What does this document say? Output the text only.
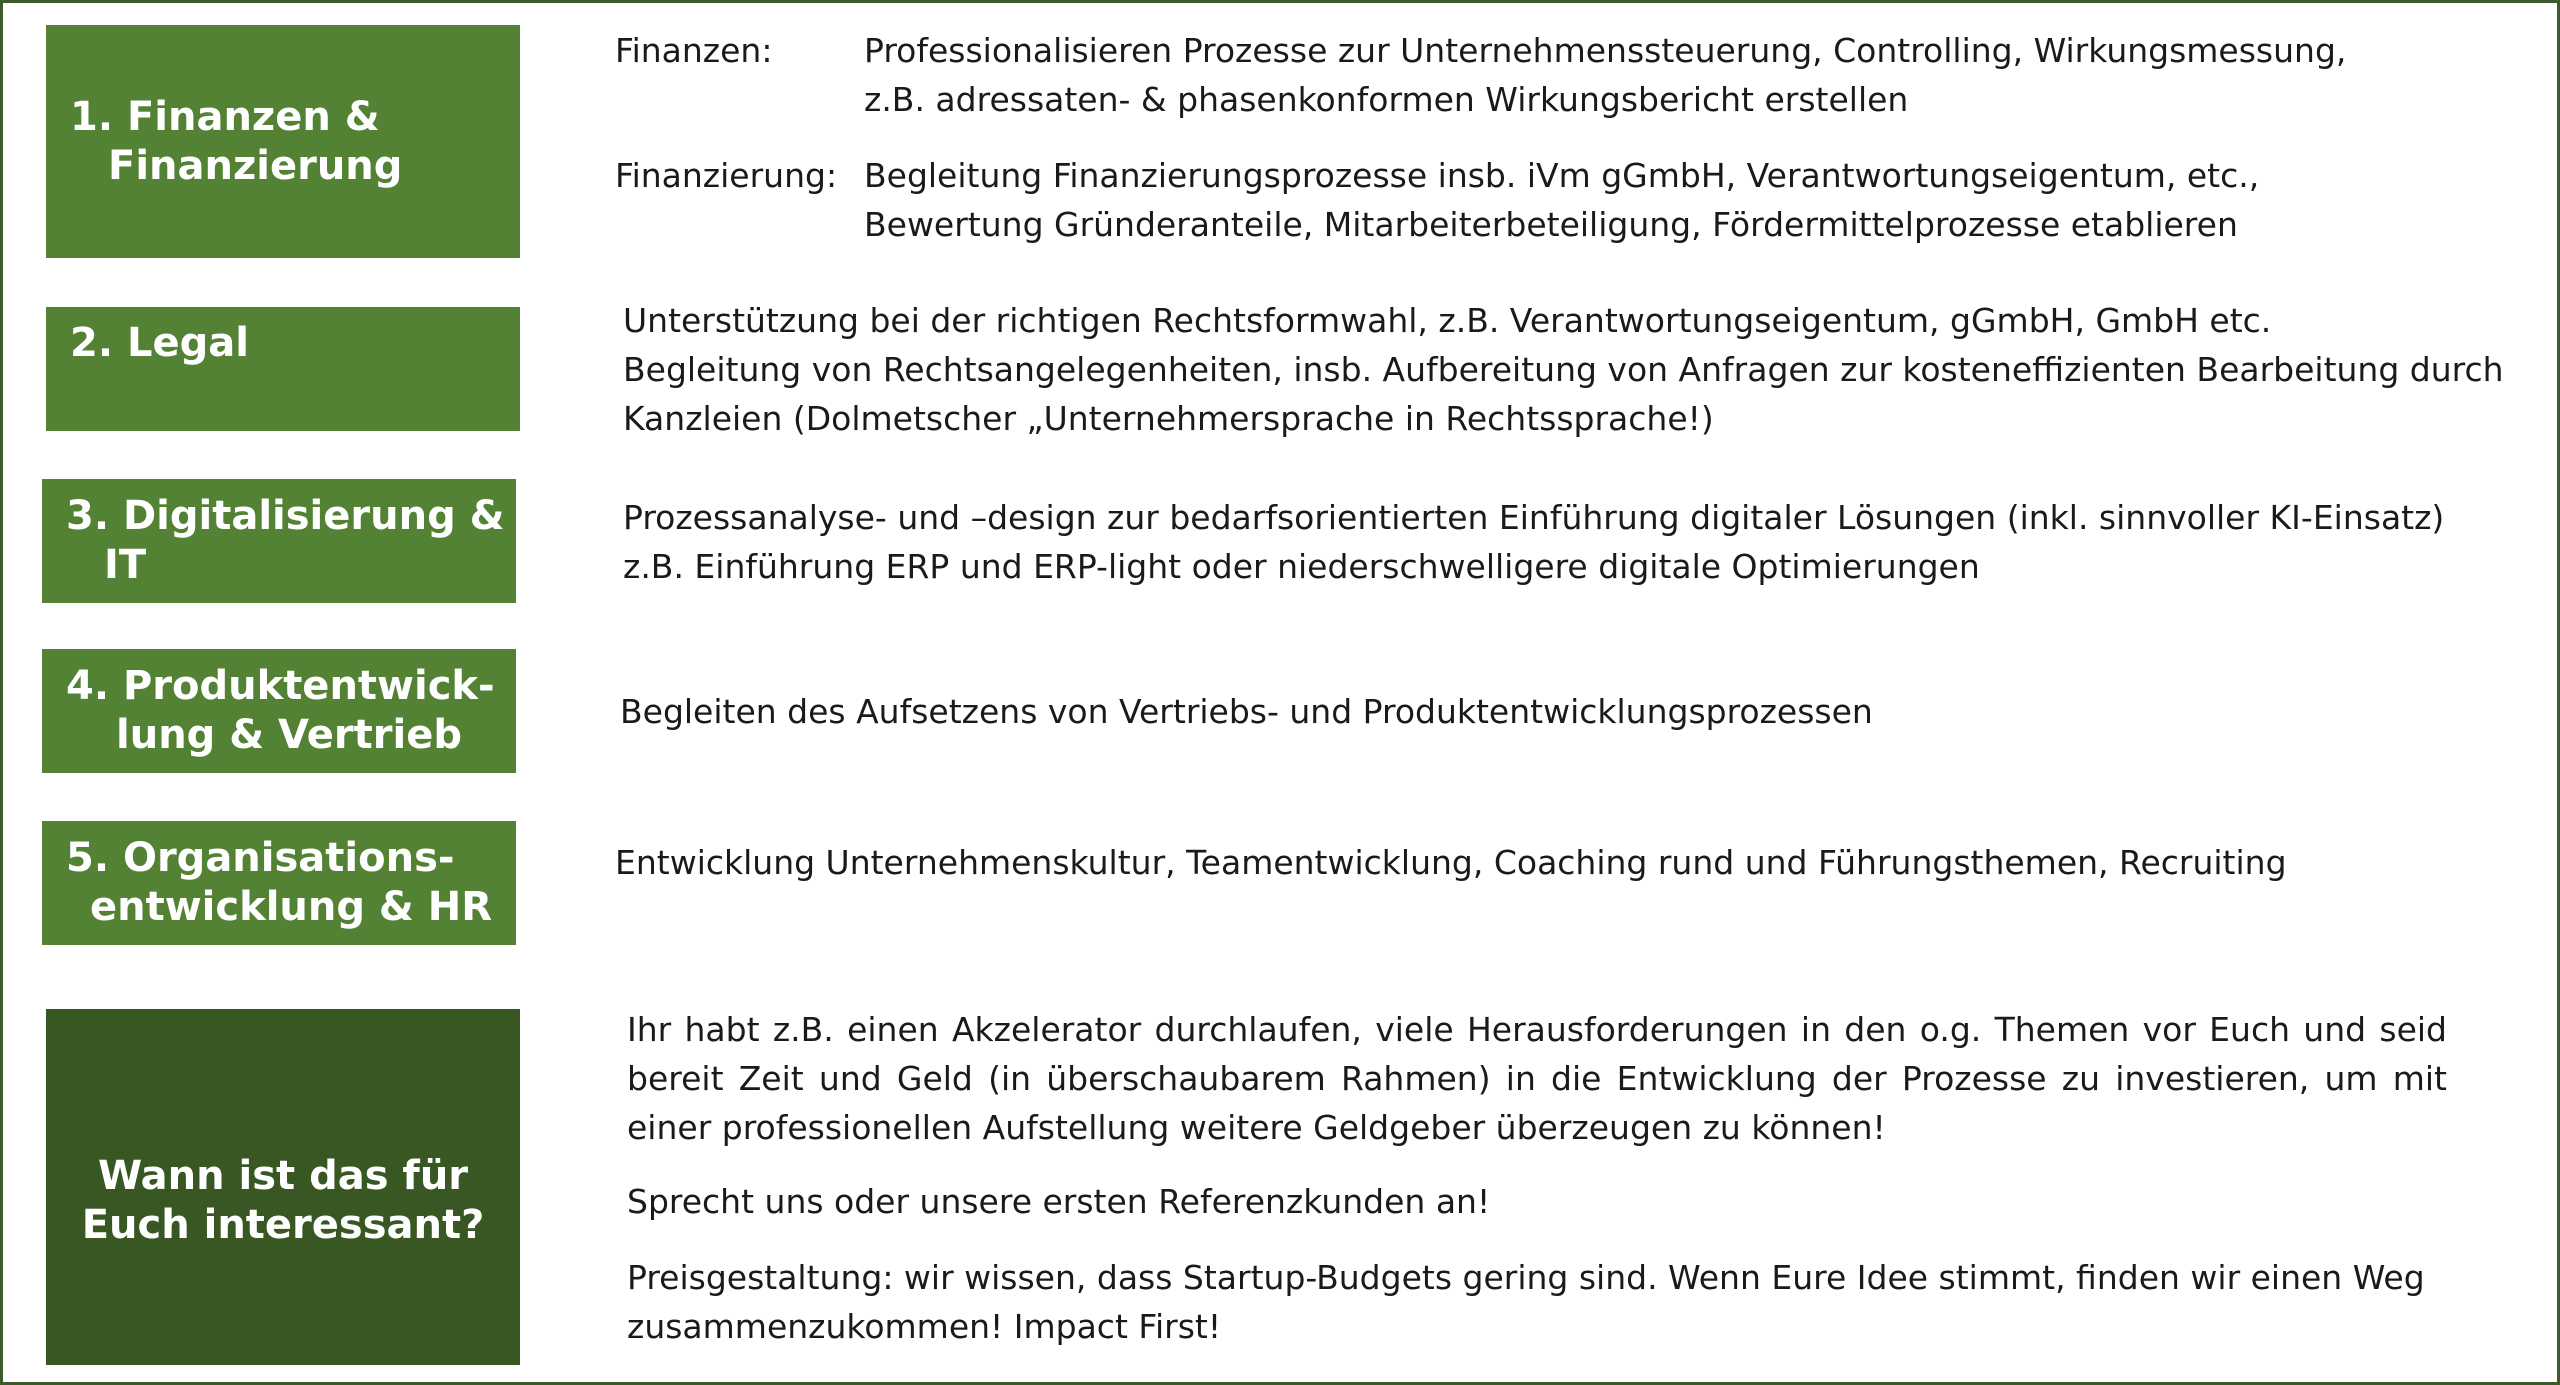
1. Finanzen &
Finanzierung
Finanzen:	Professionalisieren Prozesse zur Unternehmenssteuerung, Controlling, Wirkungsmessung,
z.B. adressaten- & phasenkonformen Wirkungsbericht erstellen
Finanzierung: Begleitung Finanzierungsprozesse insb. iVm gGmbH, Verantwortungseigentum, etc.,
Bewertung Gründeranteile, Mitarbeiterbeteiligung, Fördermittelprozesse etablieren
2. Legal	Unterstützung bei der richtigen Rechtsformwahl, z.B. Verantwortungseigentum, gGmbH, GmbH etc.
Begleitung von Rechtsangelegenheiten, insb. Aufbereitung von Anfragen zur kosteneffizienten Bearbeitung durch
Kanzleien (Dolmetscher „Unternehmersprache in Rechtssprache!)
3. Digitalisierung &
IT
Prozessanalyse- und –design zur bedarfsorientierten Einführung digitaler Lösungen (inkl. sinnvoller KI-Einsatz)
z.B. Einführung ERP und ERP-light oder niederschwelligere digitale Optimierungen
4. Produktentwick-
lung & Vertrieb
Begleiten des Aufsetzens von Vertriebs- und Produktentwicklungsprozessen
5. Organisations-
entwicklung & HR
Entwicklung Unternehmenskultur, Teamentwicklung, Coaching rund und Führungsthemen, Recruiting
Wann ist das für
Euch interessant?
Ihr habt z.B. einen Akzelerator durchlaufen, viele Herausforderungen in den o.g. Themen vor Euch und seid bereit Zeit und Geld (in überschaubarem Rahmen) in die Entwicklung der Prozesse zu investieren, um mit einer professionellen Aufstellung weitere Geldgeber überzeugen zu können!
Sprecht uns oder unsere ersten Referenzkunden an!
Preisgestaltung: wir wissen, dass Startup-Budgets gering sind. Wenn Eure Idee stimmt, finden wir einen Weg
zusammenzukommen! Impact First!
